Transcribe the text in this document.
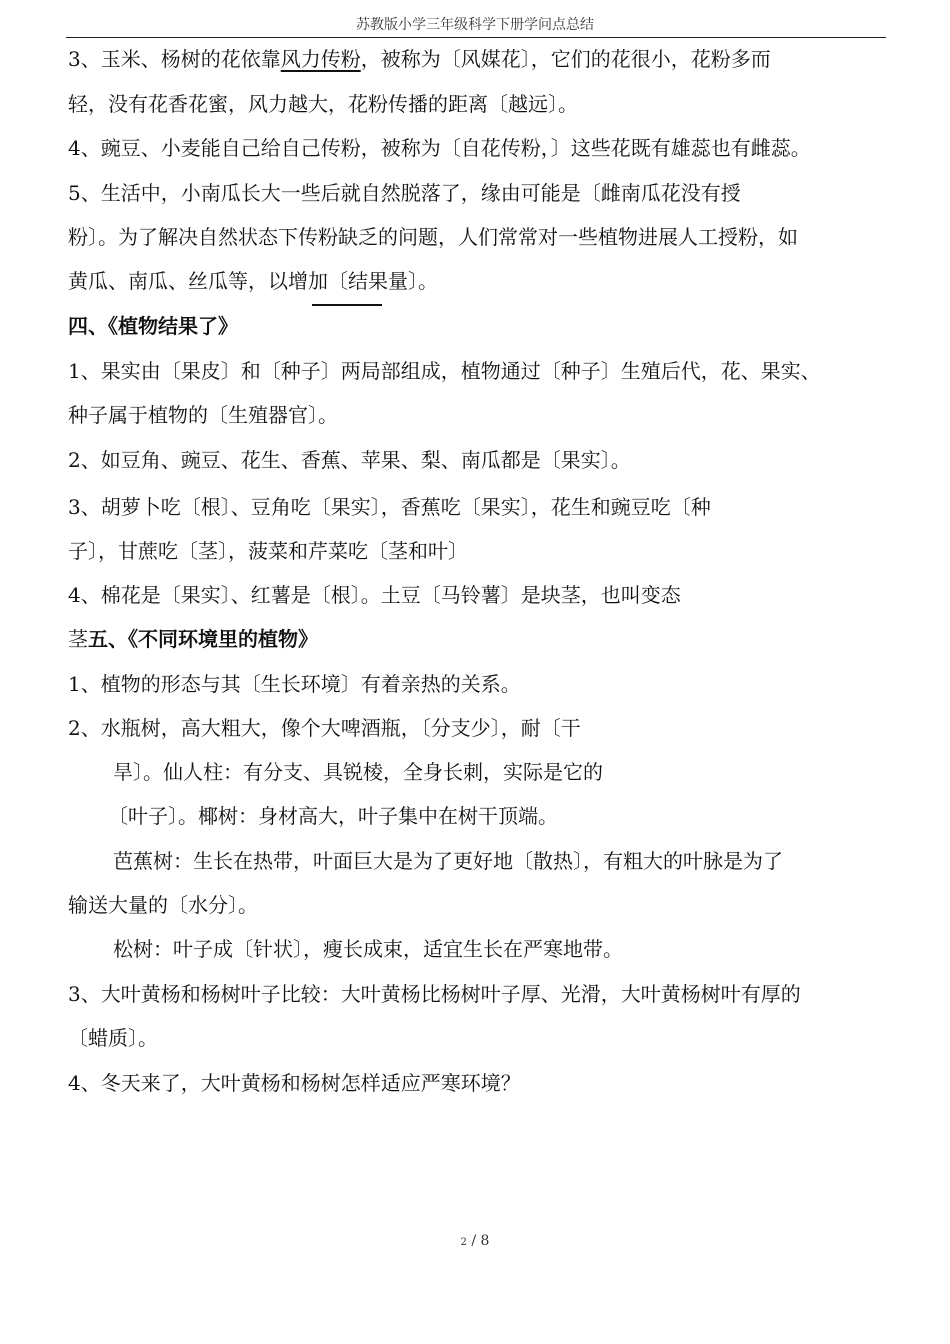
苏教版小学三年级科学下册学问点总结
3、玉米、杨树的花依靠风力传粉，被称为〔风媒花〕，它们的花很小，花粉多而
轻，没有花香花蜜，风力越大，花粉传播的距离〔越远〕。
4、豌豆、小麦能自己给自己传粉，被称为〔自花传粉，〕这些花既有雄蕊也有雌蕊。
5、生活中，小南瓜长大一些后就自然脱落了，缘由可能是〔雌南瓜花没有授
粉〕。为了解决自然状态下传粉缺乏的问题，人们常常对一些植物进展人工授粉，如
黄瓜、南瓜、丝瓜等，以增加〔结果量〕。
四、《植物结果了》
1、果实由〔果皮〕和〔种子〕两局部组成，植物通过〔种子〕生殖后代，花、果实、
种子属于植物的〔生殖器官〕。
2、如豆角、豌豆、花生、香蕉、苹果、梨、南瓜都是〔果实〕。
3、胡萝卜吃〔根〕、豆角吃〔果实〕，香蕉吃〔果实〕，花生和豌豆吃〔种
子〕，甘蔗吃〔茎〕，菠菜和芹菜吃〔茎和叶〕
4、棉花是〔果实〕、红薯是〔根〕。土豆〔马铃薯〕是块茎，也叫变态
茎五、《不同环境里的植物》
1、植物的形态与其〔生长环境〕有着亲热的关系。
2、水瓶树，高大粗大，像个大啤酒瓶，〔分支少〕，耐〔干
旱〕。仙人柱：有分支、具锐棱，全身长刺，实际是它的
〔叶子〕。椰树：身材高大，叶子集中在树干顶端。
芭蕉树：生长在热带，叶面巨大是为了更好地〔散热〕，有粗大的叶脉是为了
输送大量的〔水分〕。
松树：叶子成〔针状〕，瘦长成束，适宜生长在严寒地带。
3、大叶黄杨和杨树叶子比较：大叶黄杨比杨树叶子厚、光滑，大叶黄杨树叶有厚的
〔蜡质〕。
4、冬天来了，大叶黄杨和杨树怎样适应严寒环境？
2 / 8
